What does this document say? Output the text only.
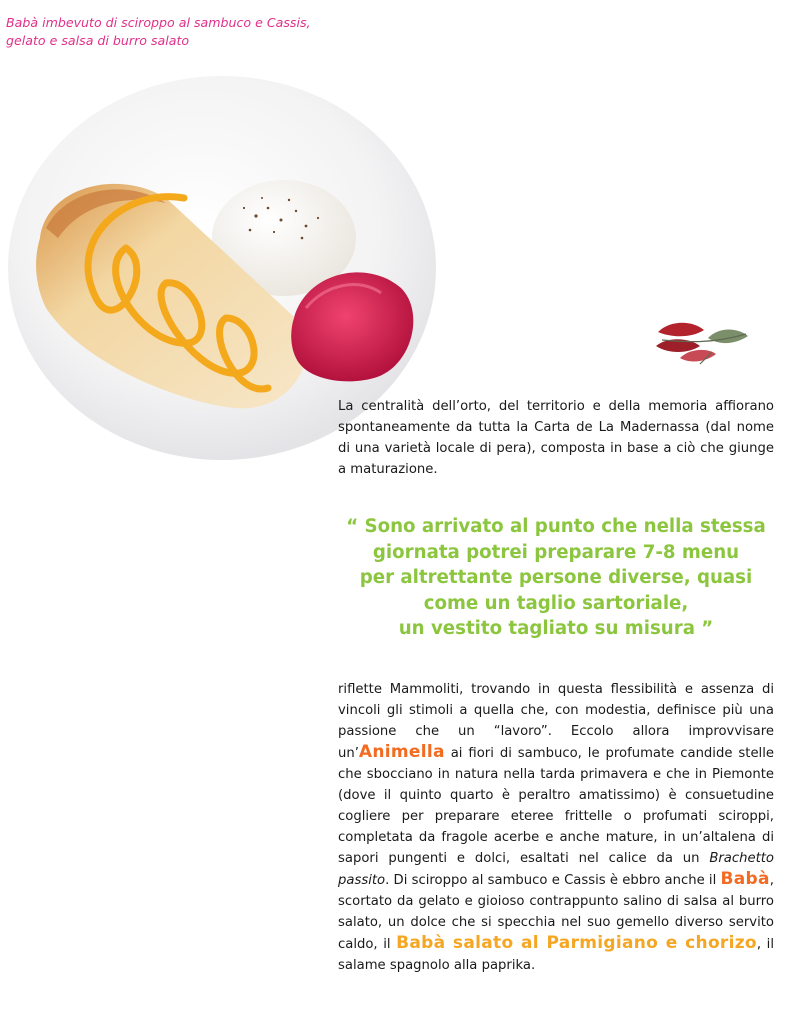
Babà imbevuto di sciroppo al sambuco e Cassis,
gelato e salsa di burro salato
La centralità dell’orto, del territorio e della memoria affiorano spontaneamente da tutta la Carta de La Madernassa (dal nome di una varietà locale di pera), composta in base a ciò che giunge a maturazione.
“ Sono arrivato al punto che nella stessa
giornata potrei preparare 7-8 menu
per altrettante persone diverse, quasi
come un taglio sartoriale,
un vestito tagliato su misura ”
riflette Mammoliti, trovando in questa flessibilità e assenza di vincoli gli stimoli a quella che, con modestia, definisce più una passione che un “lavoro”. Eccolo allora improvvisare un’Animella ai fiori di sambuco, le profumate candide stelle che sbocciano in natura nella tarda primavera e che in Piemonte (dove il quinto quarto è peraltro amatissimo) è consuetudine cogliere per preparare eteree frittelle o profumati sciroppi, completata da fragole acerbe e anche mature, in un’altalena di sapori pungenti e dolci, esaltati nel calice da un Brachetto passito. Di sciroppo al sambuco e Cassis è ebbro anche il Babà, scortato da gelato e gioioso contrappunto salino di salsa al burro salato, un dolce che si specchia nel suo gemello diverso servito caldo, il Babà salato al Parmigiano e chorizo, il salame spagnolo alla paprika.
